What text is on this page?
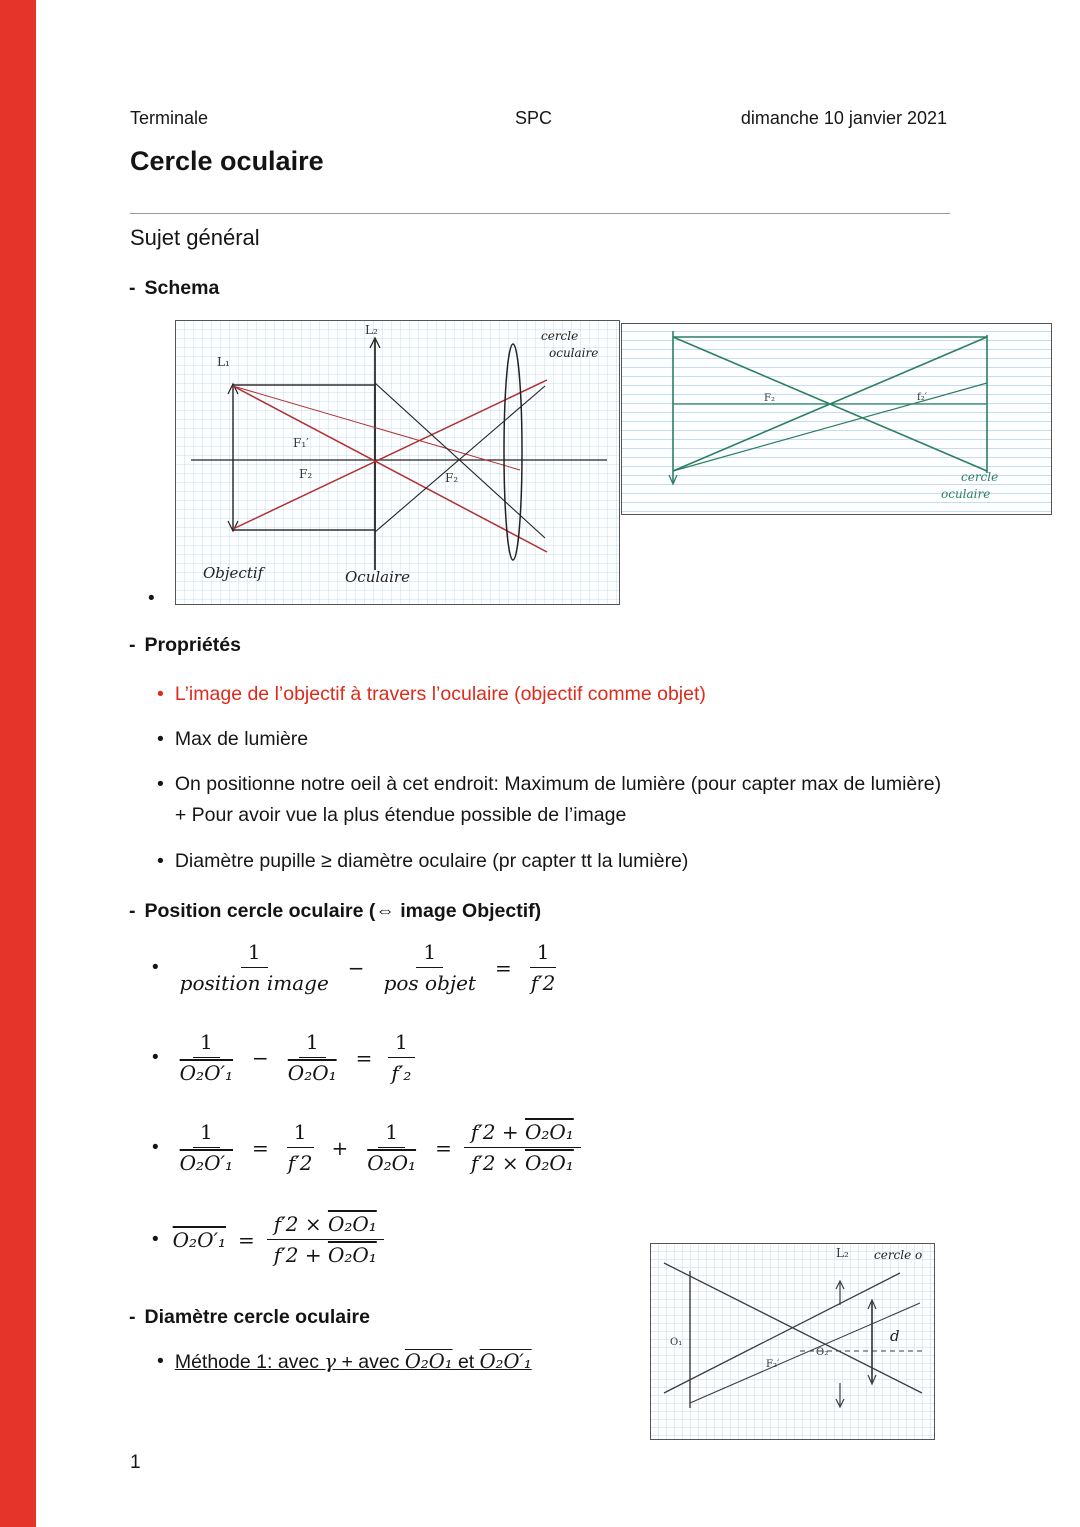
Terminale	SPC	dimanche 10 janvier 2021
Cercle oculaire
Sujet général
- Schema
F₁′
F₂	F₂
L₁
L₂
Objectif	Oculaire
cercle
oculaire
F₂	f₂′
cercle
oculaire
•
- Propriétés
• L’image de l’objectif à travers l’oculaire (objectif comme objet)
• Max de lumière
• On positionne notre oeil à cet endroit: Maximum de lumière (pour capter max de lumière) + Pour avoir vue la plus étendue possible de l’image
• Diamètre pupille ≥ diamètre oculaire (pr capter tt la lumière)
- Position cercle oculaire (⇔ image Objectif)
• $\frac{1}{\text{position image}} - \frac{1}{\text{pos objet}} = \frac{1}{f'2}$
• $\frac{1}{\text{O₂O′₁}} - \frac{1}{\text{O₂O₁}} = \frac{1}{\text{f′₂}}$
• $\frac{1}{\text{O₂O′₁}} = \frac{1}{f'2} + \frac{1}{\text{O₂O₁}} = \frac{\text{f′2 + O₂O₁}}{\text{f′2 × O₂O₁}}$
• $O_2O'_1 = \frac{\text{f′2 × O₂O₁}}{\text{f′2 + O₂O₁}}$
- Diamètre cercle oculaire
• Méthode 1: avec γ + avec O₂O₁ et O₂O′₁
L₂ cercle o
d
O₁
F₂′
O₂
1
